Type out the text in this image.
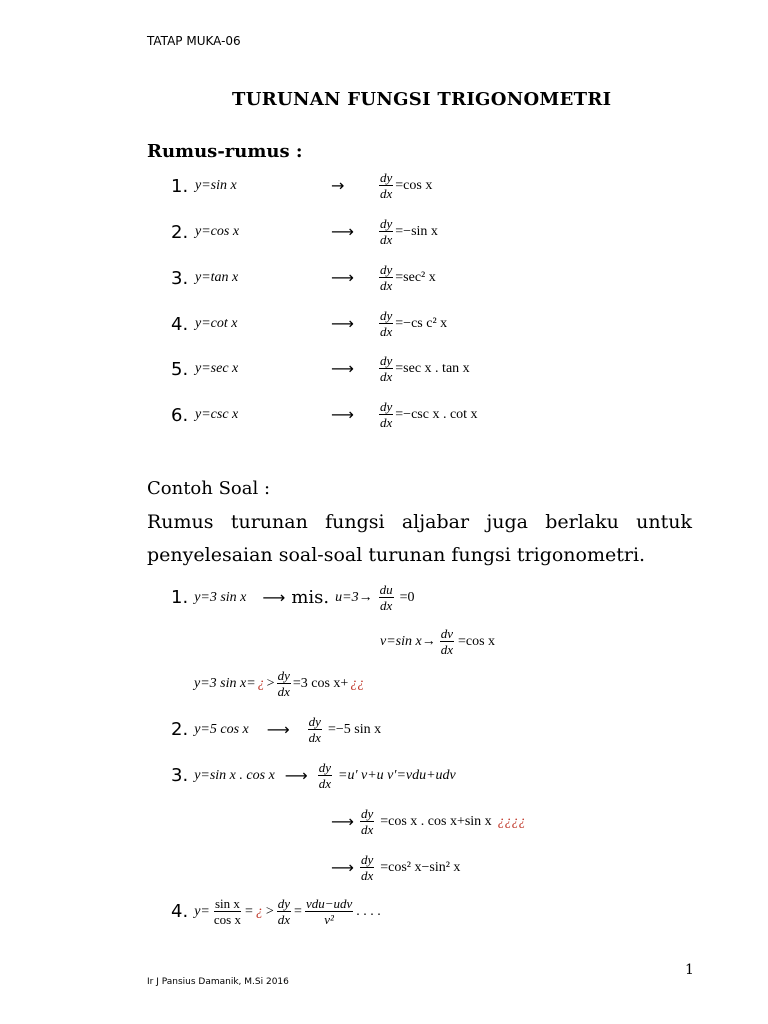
TATAP MUKA-06
TURUNAN FUNGSI TRIGONOMETRI
Rumus-rumus :
1. y=sin x	→	$\frac{dy}{dx} =\cos$ x
2. y=cos x	⟶ $\frac{dy}{dx} =-\sin$ x
3. y=tan x	⟶ $\frac{dy}{dx} =\sec^2$ x
4. y=cot x	⟶ $\frac{dy}{dx} =-cs$ c² x
5. y=sec x	⟶ $\frac{dy}{dx} =\sec$ x . tan x
6. y=csc x	⟶ $\frac{dy}{dx} =-\csc$ x . cot x
Contoh Soal :
Rumus turunan fungsi aljabar juga berlaku untuk
penyelesaian soal-soal turunan fungsi trigonometri.
1. y=3 sin x ⟶ mis. $u=3\to \frac{du}{dx} =0$
v=sin $x\to \frac{dv}{dx} =\cos$ x
y=3 sin x= ¿ > $\frac{dy}{dx} =3$ cos x+ ¿¿
2. y=5 cos x ⟶ $\frac{dy}{dx} =-5$ sin x
3. y=sin x . cos x ⟶ $\frac{dy}{dx} =u'$ v+u v′=vdu+udv
⟶ $\frac{dy}{dx} =\cos$ x . cos x+sin x ¿¿¿¿
⟶ $\frac{dy}{dx} =\cos^2$ x−sin² x
4. $y= \frac{\text{sin x}}{\text{cos x}}$ = ¿ > $\frac{dy}{dx} = \frac{\text{vdu−udv}}{\text{v²}}$ . . . .
1
Ir J Pansius Damanik, M.Si 2016
